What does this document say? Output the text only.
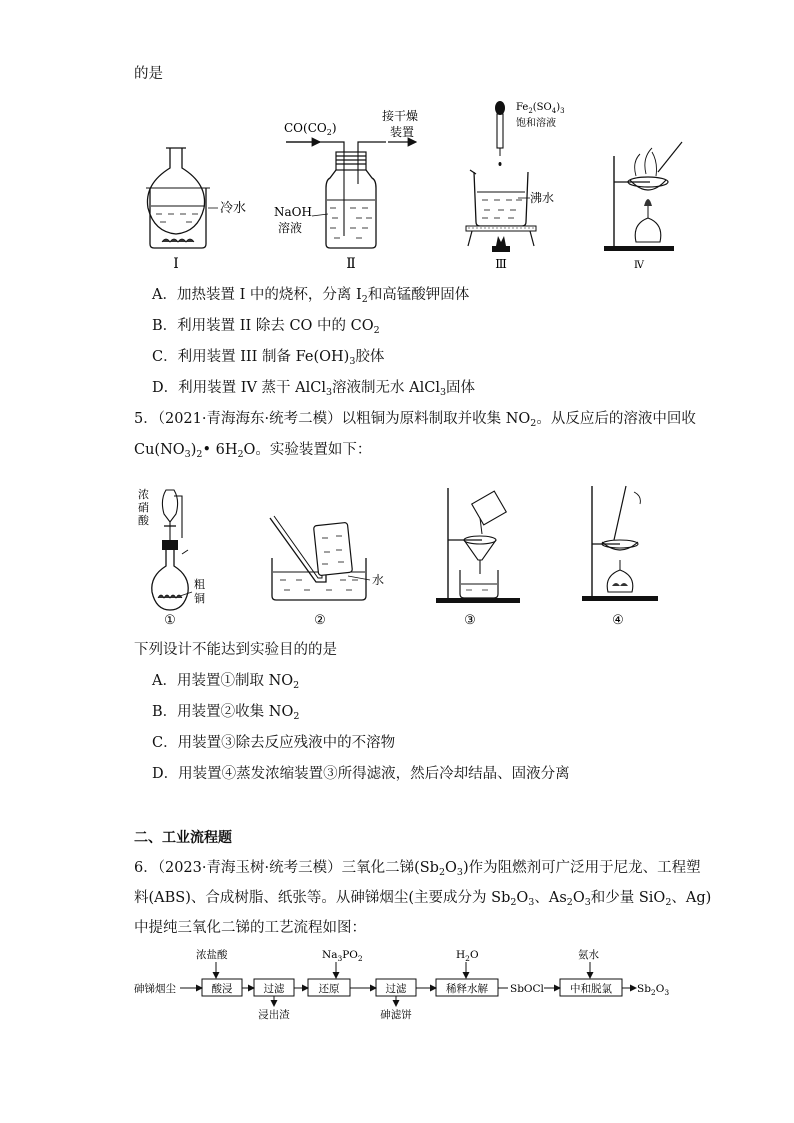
的是
Ⅰ
冷水
$CO(CO_2)$
接干燥
装置
NaOH
溶液
Ⅱ
$Fe_2(SO_4)_3$
饱和溶液
沸水
Ⅲ	Ⅳ
A．加热装置 I 中的烧杯，分离 $I_2$和高锰酸钾固体
B．利用装置 II 除去 CO 中的 $CO_2$
C．利用装置 III 制备 $Fe(OH)_3$胶体
D．利用装置 IV 蒸干 AlCl$_3$溶液制无水 AlCl$_3$固体
5．（2021·青海海东·统考二模）以粗铜为原料制取并收集 $NO_2$。从反应后的溶液中回收
$Cu(NO_3)_2•$ $6H_2O$。实验装置如下：
浓
硝
酸
粗
铜
①
水
②	③	④
下列设计不能达到实验目的的是
A．用装置①制取 $NO_2$
B．用装置②收集 $NO_2$
C．用装置③除去反应残液中的不溶物
D．用装置④蒸发浓缩装置③所得滤液，然后冷却结晶、固液分离
二、工业流程题
6．（2023·青海玉树·统考三模）三氧化二锑$(Sb_2O_3)$作为阻燃剂可广泛用于尼龙、工程塑
料(ABS)、合成树脂、纸张等。从砷锑烟尘(主要成分为 $Sb_2O_3$、$As_2O_3$和少量 SiO$_2$、Ag)
中提纯三氧化二锑的工艺流程如图：
砷锑烟尘
浓盐酸
酸浸	过滤
浸出渣
$Na_3PO_2$
还原	过滤
砷滤饼
$H_2O$
稀释水解 SbOCl
氨水
中和脱氯 $Sb_2O_3$
